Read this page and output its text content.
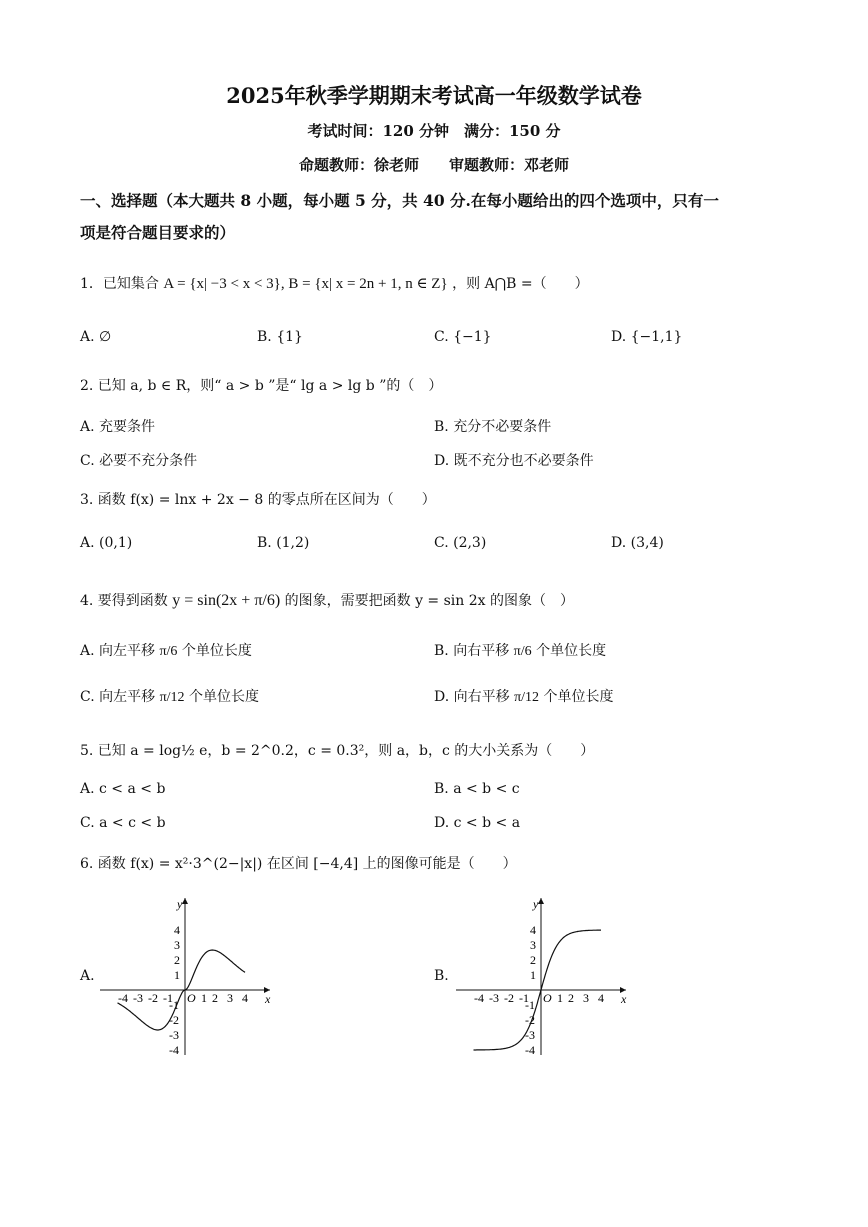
2025年秋季学期期末考试高一年级数学试卷
考试时间：120 分钟　满分：150 分
命题教师：徐老师　　审题教师：邓老师
一、选择题（本大题共 8 小题，每小题 5 分，共 40 分.在每小题给出的四个选项中，只有一
项是符合题目要求的）
1．已知集合 A = {x| −3 < x < 3}, B = {x| x = 2n + 1, n ∈ Z} ，则 A⋂B =（　　）
A. ∅	B. {1}	C. {−1}	D. {−1,1}
2. 已知 a, b ∈ R，则“ a > b ”是“ lg a > lg b ”的（　）
A. 充要条件	B. 充分不必要条件
C. 必要不充分条件	D. 既不充分也不必要条件
3. 函数 f(x) = lnx + 2x − 8 的零点所在区间为（　　）
A. (0,1)	B. (1,2)	C. (2,3)	D. (3,4)
4. 要得到函数 y = sin(2x + π/6) 的图象，需要把函数 y = sin 2x 的图象（　）
A. 向左平移 π/6 个单位长度	B. 向右平移 π/6 个单位长度
C. 向左平移 π/12 个单位长度	D. 向右平移 π/12 个单位长度
5. 已知 a = log½ e，b = 2^0.2，c = 0.3²，则 a，b，c 的大小关系为（　　）
A. c < a < b	B. a < b < c
C. a < c < b	D. c < b < a
6. 函数 f(x) = x²·3^(2−|x|) 在区间 [−4,4] 上的图像可能是（　　）
A.	B.
x
y
O
-4
-4
-3
-3
-2
-2
-1
-1 1
1
2
2
3
3
4
4
x
y
O
-4
-4
-3
-3
-2
-2
-1
-1 1
1
2
2
3
3
4
4
